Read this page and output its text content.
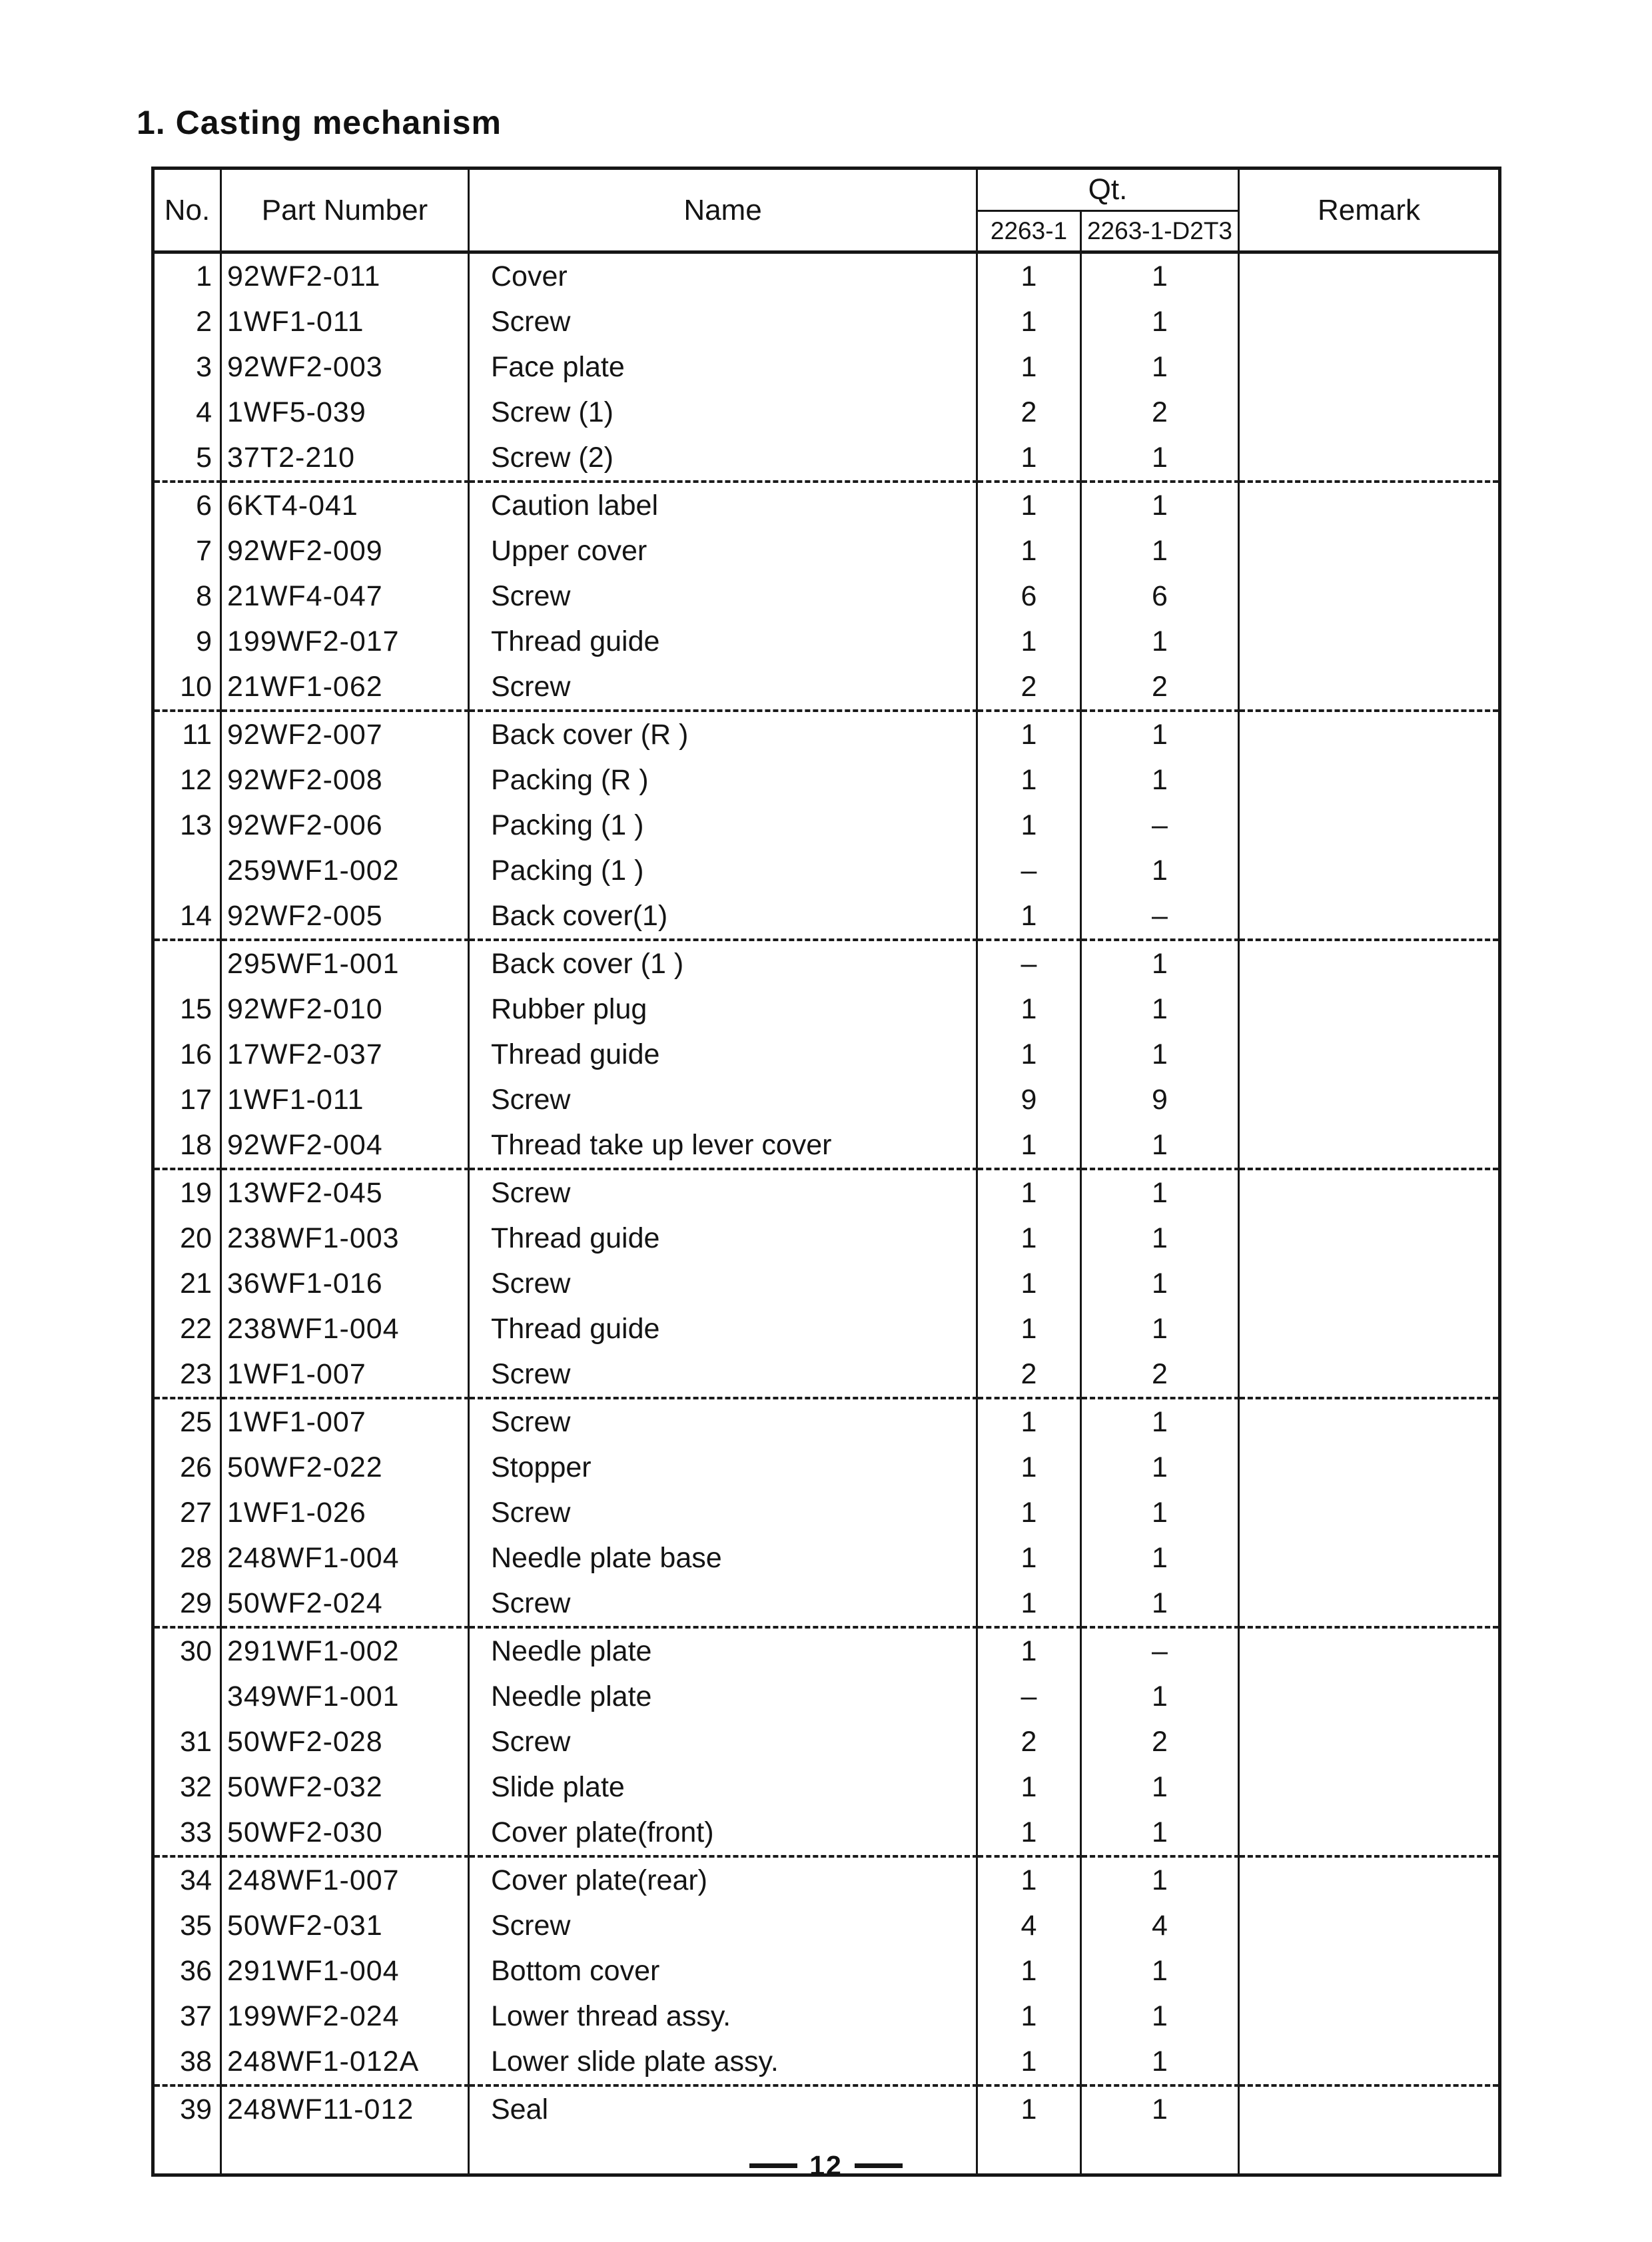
1. Casting mechanism
No.	Part Number	Name	Qt.		Remark
			2263-1	2263-1-D2T3	
1	92WF2-011	Cover	1	1	
2	1WF1-011	Screw	1	1	
3	92WF2-003	Face plate	1	1	
4	1WF5-039	Screw (1)	2	2	
5	37T2-210	Screw (2)	1	1	
6	6KT4-041	Caution label	1	1	
7	92WF2-009	Upper cover	1	1	
8	21WF4-047	Screw	6	6	
9	199WF2-017	Thread guide	1	1	
10	21WF1-062	Screw	2	2	
11	92WF2-007	Back cover (R )	1	1	
12	92WF2-008	Packing (R )	1	1	
13	92WF2-006	Packing (1 )	1	–	
	259WF1-002	Packing (1 )	–	1	
14	92WF2-005	Back cover(1)	1	–	
	295WF1-001	Back cover (1 )	–	1	
15	92WF2-010	Rubber plug	1	1	
16	17WF2-037	Thread guide	1	1	
17	1WF1-011	Screw	9	9	
18	92WF2-004	Thread take up lever cover	1	1	
19	13WF2-045	Screw	1	1	
20	238WF1-003	Thread guide	1	1	
21	36WF1-016	Screw	1	1	
22	238WF1-004	Thread guide	1	1	
23	1WF1-007	Screw	2	2	
25	1WF1-007	Screw	1	1	
26	50WF2-022	Stopper	1	1	
27	1WF1-026	Screw	1	1	
28	248WF1-004	Needle plate base	1	1	
29	50WF2-024	Screw	1	1	
30	291WF1-002	Needle plate	1	–	
	349WF1-001	Needle plate	–	1	
31	50WF2-028	Screw	2	2	
32	50WF2-032	Slide plate	1	1	
33	50WF2-030	Cover plate(front)	1	1	
34	248WF1-007	Cover plate(rear)	1	1	
35	50WF2-031	Screw	4	4	
36	291WF1-004	Bottom cover	1	1	
37	199WF2-024	Lower thread assy.	1	1	
38	248WF1-012A	Lower slide plate assy.	1	1	
39	248WF11-012	Seal	1	1	

12
